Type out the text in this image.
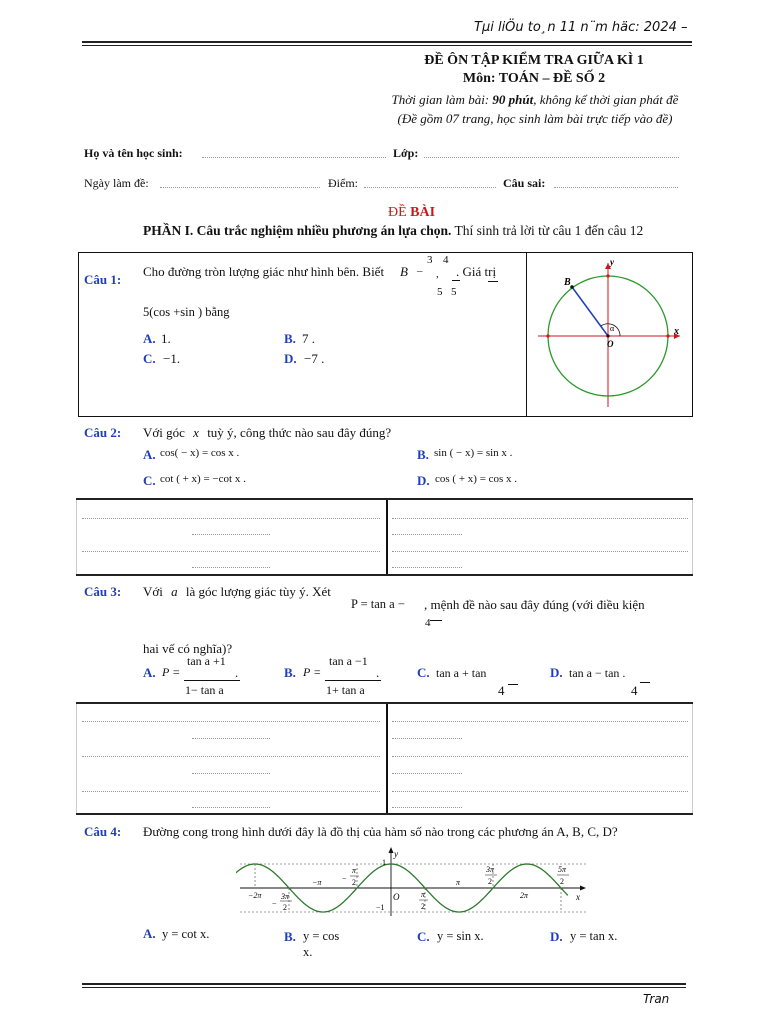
Tµi liÖu to¸n 11 n¨m häc: 2024 –
ĐỀ ÔN TẬP KIỂM TRA GIỮA KÌ 1
Môn: TOÁN – ĐỀ SỐ 2
Thời gian làm bài: 90 phút, không kể thời gian phát đề
(Đề gồm 07 trang, học sinh làm bài trực tiếp vào đề)
Họ và tên học sinh:	Lớp:
Ngày làm đề:	Điểm:	Câu sai:
ĐỀ BÀI
PHẦN I. Câu trắc nghiệm nhiều phương án lựa chọn. Thí sinh trả lời từ câu 1 đến câu 12
Câu 1:
Cho đường tròn lượng giác như hình bên. Biết B –
3
,
4
5 5
. Giá trị
5(cos +sin ) bằng
A. 1.	B. 7 .
C. −1.	D. −7 .
y
x
B
O
α
Câu 2: Với góc x tuỳ ý, công thức nào sau đây đúng?
A. cos( − x) = cos x .	B. sin ( − x) = sin x .
C. cot ( + x) = −cot x .	D. cos ( + x) = cos x .
Câu 3: Với a là góc lượng giác tùy ý. Xét
P = tan a −
4
, mệnh đề nào sau đây đúng (với điều kiện
hai vế có nghĩa)?
A. P =
tan a +1
1− tan a
.	B. P =
tan a −1
1+ tan a
.	C. tan a + tan
4
D. tan a − tan .
4
Câu 4: Đường cong trong hình dưới đây là đồ thị của hàm số nào trong các phương án A, B, C, D?
y
x
O
1
−1
−2π
−
3π
2
−π	−
π
2
π
2
π
3π
2
2π
5π
2
A. y = cot x.	B. y = cos
x.
C. y = sin x.	D. y = tan x.
Tran
